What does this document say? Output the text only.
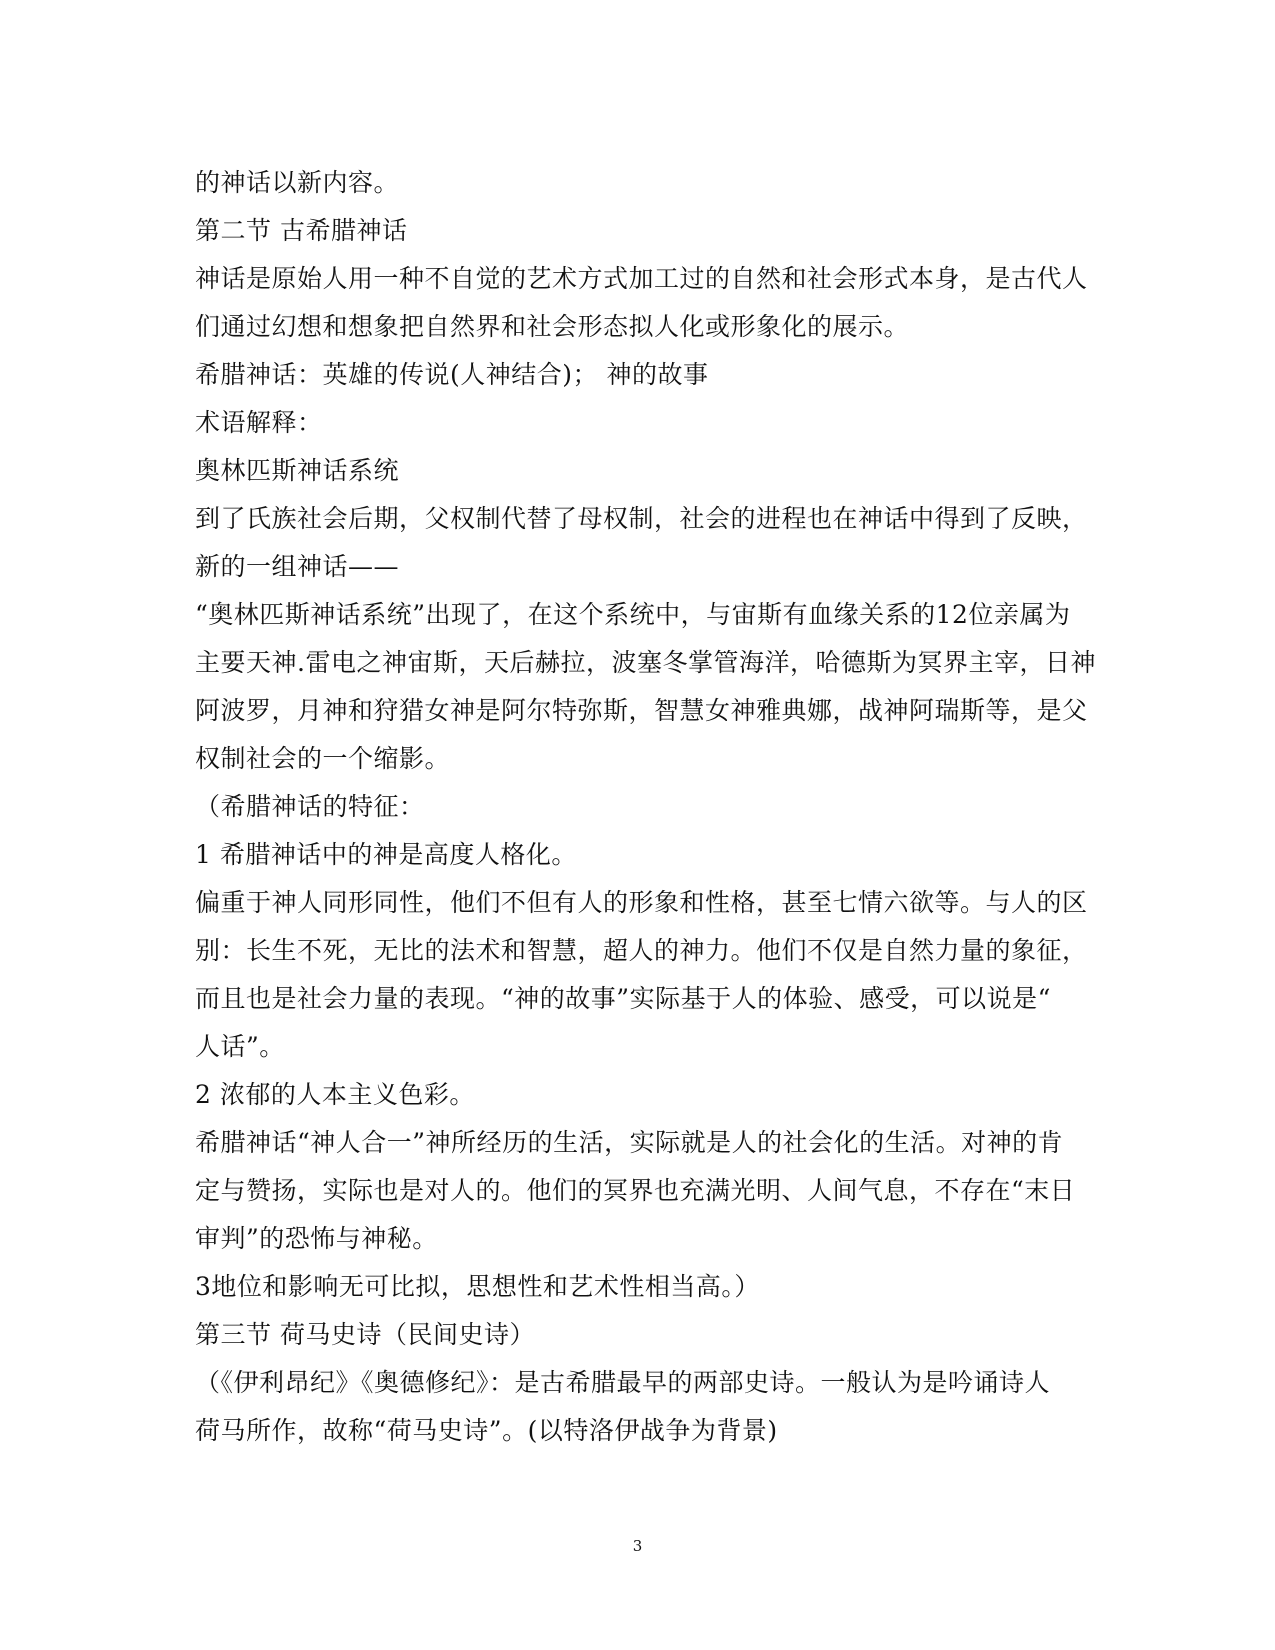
的神话以新内容。
第二节 古希腊神话
神话是原始人用一种不自觉的艺术方式加工过的自然和社会形式本身，是古代人
们通过幻想和想象把自然界和社会形态拟人化或形象化的展示。
希腊神话：英雄的传说(人神结合)； 神的故事
术语解释：
奥林匹斯神话系统
到了氏族社会后期，父权制代替了母权制，社会的进程也在神话中得到了反映，
新的一组神话——
“奥林匹斯神话系统”出现了，在这个系统中，与宙斯有血缘关系的12位亲属为
主要天神.雷电之神宙斯，天后赫拉，波塞冬掌管海洋，哈德斯为冥界主宰，日神
阿波罗，月神和狩猎女神是阿尔特弥斯，智慧女神雅典娜，战神阿瑞斯等，是父
权制社会的一个缩影。
（希腊神话的特征：
1 希腊神话中的神是高度人格化。
偏重于神人同形同性，他们不但有人的形象和性格，甚至七情六欲等。与人的区
别：长生不死，无比的法术和智慧，超人的神力。他们不仅是自然力量的象征，
而且也是社会力量的表现。“神的故事”实际基于人的体验、感受，可以说是“
人话”。
2 浓郁的人本主义色彩。
希腊神话“神人合一”神所经历的生活，实际就是人的社会化的生活。对神的肯
定与赞扬，实际也是对人的。他们的冥界也充满光明、人间气息，不存在“末日
审判”的恐怖与神秘。
3地位和影响无可比拟，思想性和艺术性相当高。）
第三节 荷马史诗（民间史诗）
（《伊利昂纪》《奥德修纪》：是古希腊最早的两部史诗。一般认为是吟诵诗人
荷马所作，故称“荷马史诗”。(以特洛伊战争为背景)
3
